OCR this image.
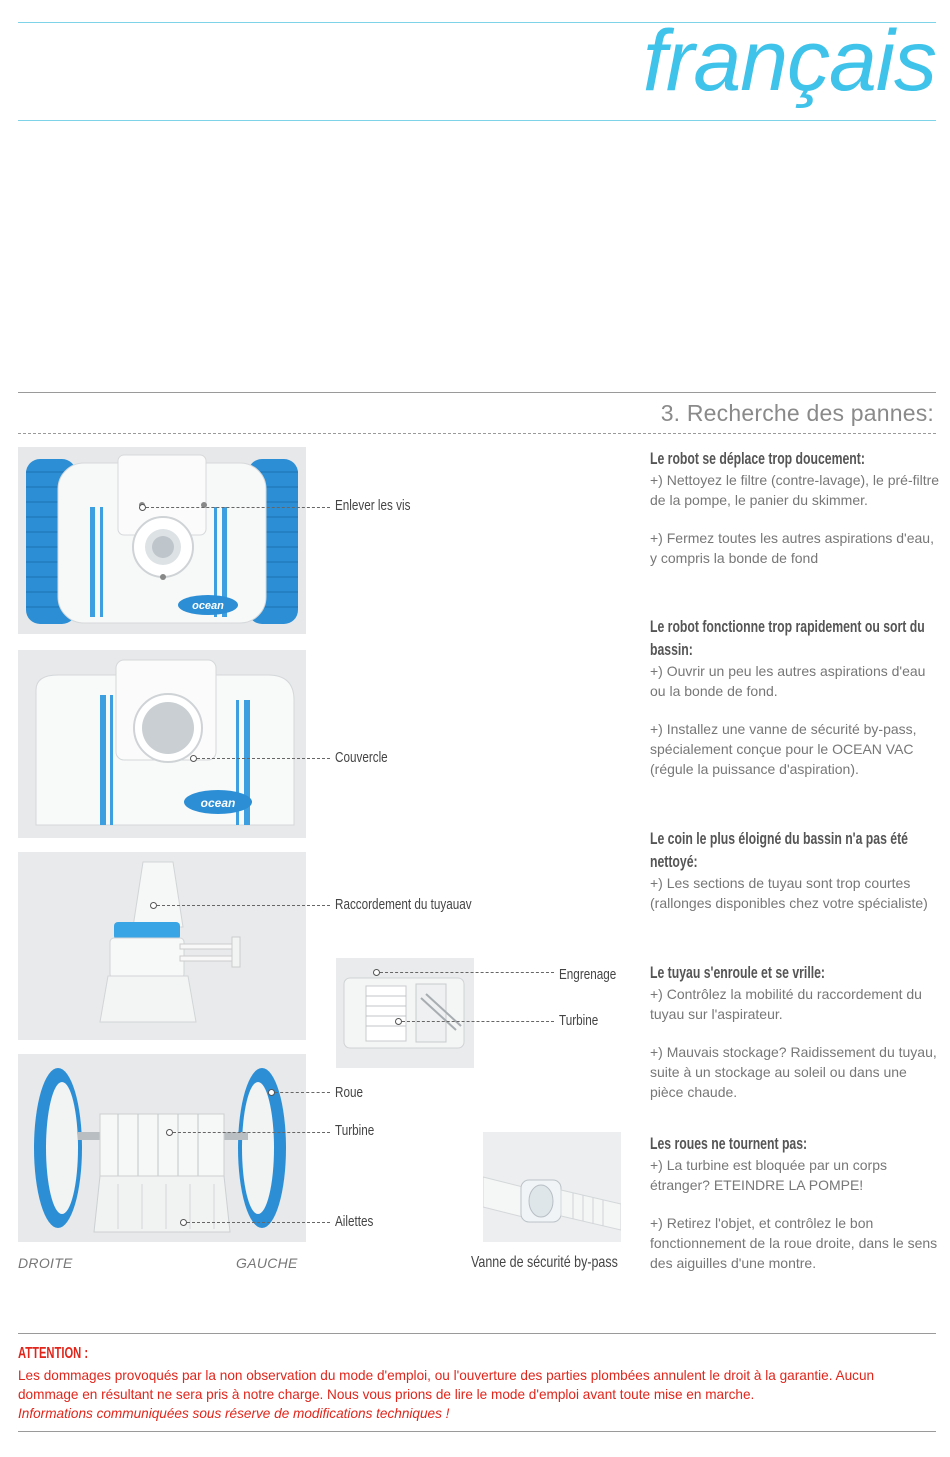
français
3. Recherche des pannes:
ocean
Enlever les vis
ocean
Couvercle
Raccordement du tuyauav
Engrenage
Turbine
Roue
Turbine
Ailettes
DROITE	GAUCHE	Vanne de sécurité by-pass
Le robot se déplace trop doucement:

+) Nettoyez le filtre (contre-lavage), le pré-filtre de la pompe, le panier du skimmer.

+) Fermez toutes les autres aspirations d'eau, y compris la bonde de fond

Le robot fonctionne trop rapidement ou sort du bassin:

+) Ouvrir un peu les autres aspirations d'eau ou la bonde de fond.

+) Installez une vanne de sécurité by-pass, spécialement conçue pour le OCEAN VAC (régule la puissance d'aspiration).

Le coin le plus éloigné du bassin n'a pas été nettoyé:

+) Les sections de tuyau sont trop courtes (rallonges disponibles chez votre spécialiste)

Le tuyau s'enroule et se vrille:

+) Contrôlez la mobilité du raccordement du tuyau sur l'aspirateur.

+) Mauvais stockage? Raidissement du tuyau, suite à un stockage au soleil ou dans une pièce chaude.

Les roues ne tournent pas:

+) La turbine est bloquée par un corps étranger? ETEINDRE LA POMPE!

+) Retirez l'objet, et contrôlez le bon fonctionnement de la roue droite, dans le sens des aiguilles d'une montre.

ATTENTION :
Les dommages provoqués par la non observation du mode d'emploi, ou l'ouverture des parties plombées annulent le droit à la garantie. Aucun dommage en résultant ne sera pris à notre charge. Nous vous prions de lire le mode d'emploi avant toute mise en marche.
Informations communiquées sous réserve de modifications techniques !
